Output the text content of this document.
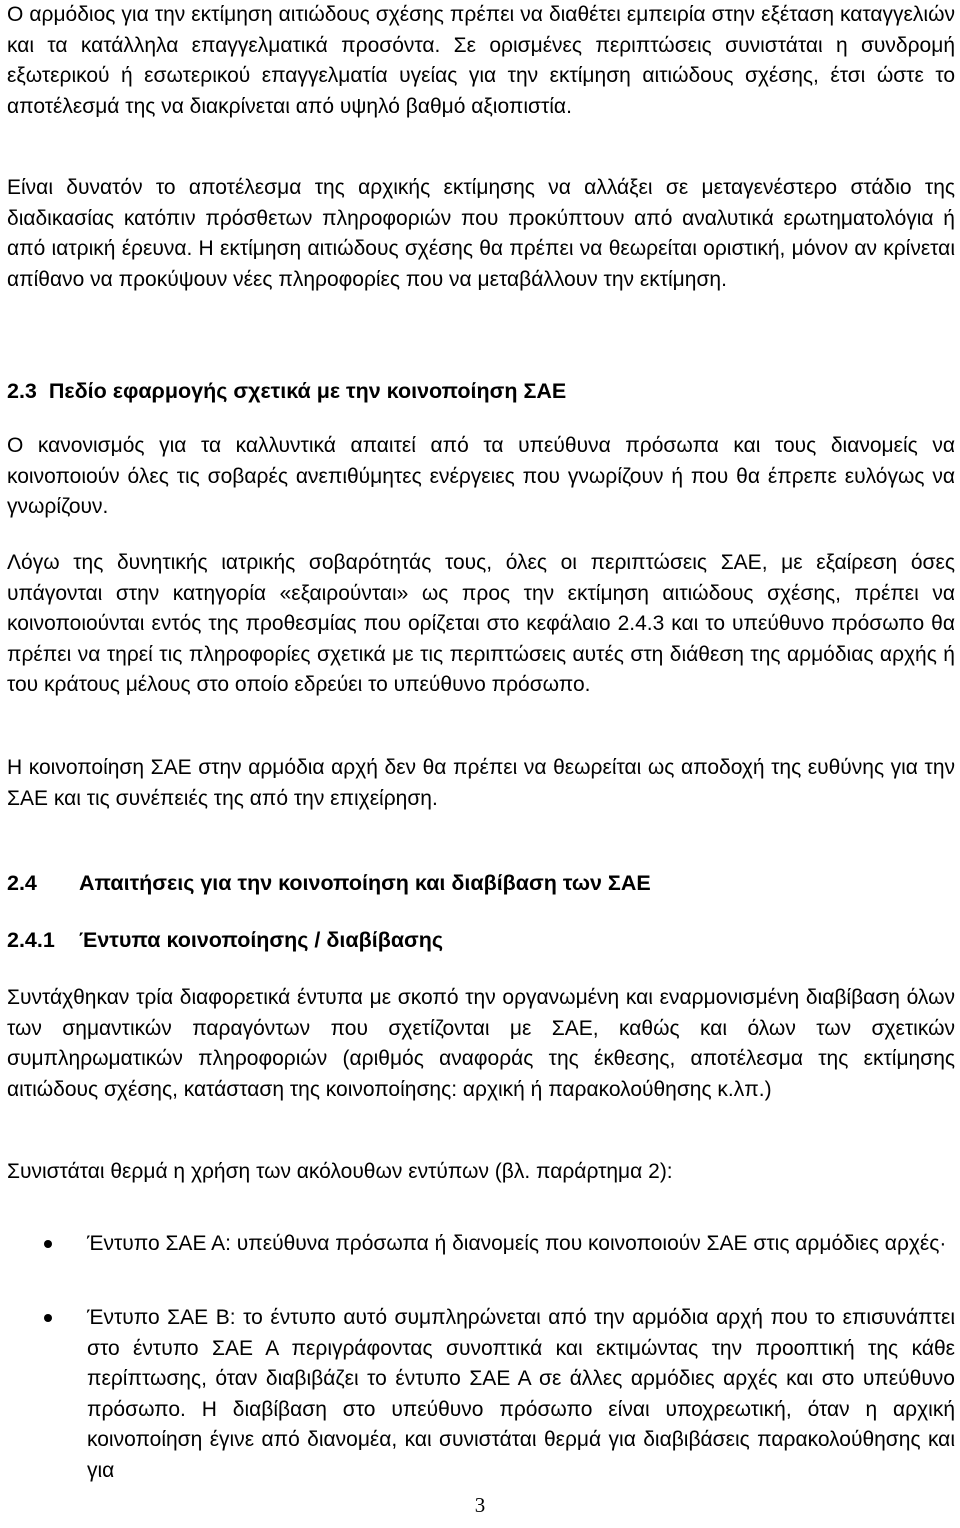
Ο αρμόδιος για την εκτίμηση αιτιώδους σχέσης πρέπει να διαθέτει εμπειρία στην εξέταση καταγγελιών και τα κατάλληλα επαγγελματικά προσόντα. Σε ορισμένες περιπτώσεις συνιστάται η συνδρομή εξωτερικού ή εσωτερικού επαγγελματία υγείας για την εκτίμηση αιτιώδους σχέσης, έτσι ώστε το αποτέλεσμά της να διακρίνεται από υψηλό βαθμό αξιοπιστία.

Είναι δυνατόν το αποτέλεσμα της αρχικής εκτίμησης να αλλάξει σε μεταγενέστερο στάδιο της διαδικασίας κατόπιν πρόσθετων πληροφοριών που προκύπτουν από αναλυτικά ερωτηματολόγια ή από ιατρική έρευνα. Η εκτίμηση αιτιώδους σχέσης θα πρέπει να θεωρείται οριστική, μόνον αν κρίνεται απίθανο να προκύψουν νέες πληροφορίες που να μεταβάλλουν την εκτίμηση.

2.3 Πεδίο εφαρμογής σχετικά με την κοινοποίηση ΣΑΕ

Ο κανονισμός για τα καλλυντικά απαιτεί από τα υπεύθυνα πρόσωπα και τους διανομείς να κοινοποιούν όλες τις σοβαρές ανεπιθύμητες ενέργειες που γνωρίζουν ή που θα έπρεπε ευλόγως να γνωρίζουν.

Λόγω της δυνητικής ιατρικής σοβαρότητάς τους, όλες οι περιπτώσεις ΣΑΕ, με εξαίρεση όσες υπάγονται στην κατηγορία «εξαιρούνται» ως προς την εκτίμηση αιτιώδους σχέσης, πρέπει να κοινοποιούνται εντός της προθεσμίας που ορίζεται στο κεφάλαιο 2.4.3 και το υπεύθυνο πρόσωπο θα πρέπει να τηρεί τις πληροφορίες σχετικά με τις περιπτώσεις αυτές στη διάθεση της αρμόδιας αρχής ή του κράτους μέλους στο οποίο εδρεύει το υπεύθυνο πρόσωπο.

Η κοινοποίηση ΣΑΕ στην αρμόδια αρχή δεν θα πρέπει να θεωρείται ως αποδοχή της ευθύνης για την ΣΑΕ και τις συνέπειές της από την επιχείρηση.

2.4 Απαιτήσεις για την κοινοποίηση και διαβίβαση των ΣΑΕ
2.4.1 Έντυπα κοινοποίησης / διαβίβασης

Συντάχθηκαν τρία διαφορετικά έντυπα με σκοπό την οργανωμένη και εναρμονισμένη διαβίβαση όλων των σημαντικών παραγόντων που σχετίζονται με ΣΑΕ, καθώς και όλων των σχετικών συμπληρωματικών πληροφοριών (αριθμός αναφοράς της έκθεσης, αποτέλεσμα της εκτίμησης αιτιώδους σχέσης, κατάσταση της κοινοποίησης: αρχική ή παρακολούθησης κ.λπ.)

Συνιστάται θερμά η χρήση των ακόλουθων εντύπων (βλ. παράρτημα 2):

Έντυπο ΣΑΕ Α: υπεύθυνα πρόσωπα ή διανομείς που κοινοποιούν ΣΑΕ στις αρμόδιες αρχές·
Έντυπο ΣΑΕ Β: το έντυπο αυτό συμπληρώνεται από την αρμόδια αρχή που το επισυνάπτει στο έντυπο ΣΑΕ Α περιγράφοντας συνοπτικά και εκτιμώντας την προοπτική της κάθε περίπτωσης, όταν διαβιβάζει το έντυπο ΣΑΕ Α σε άλλες αρμόδιες αρχές και στο υπεύθυνο πρόσωπο. Η διαβίβαση στο υπεύθυνο πρόσωπο είναι υποχρεωτική, όταν η αρχική κοινοποίηση έγινε από διανομέα, και συνιστάται θερμά για διαβιβάσεις παρακολούθησης και για
3
